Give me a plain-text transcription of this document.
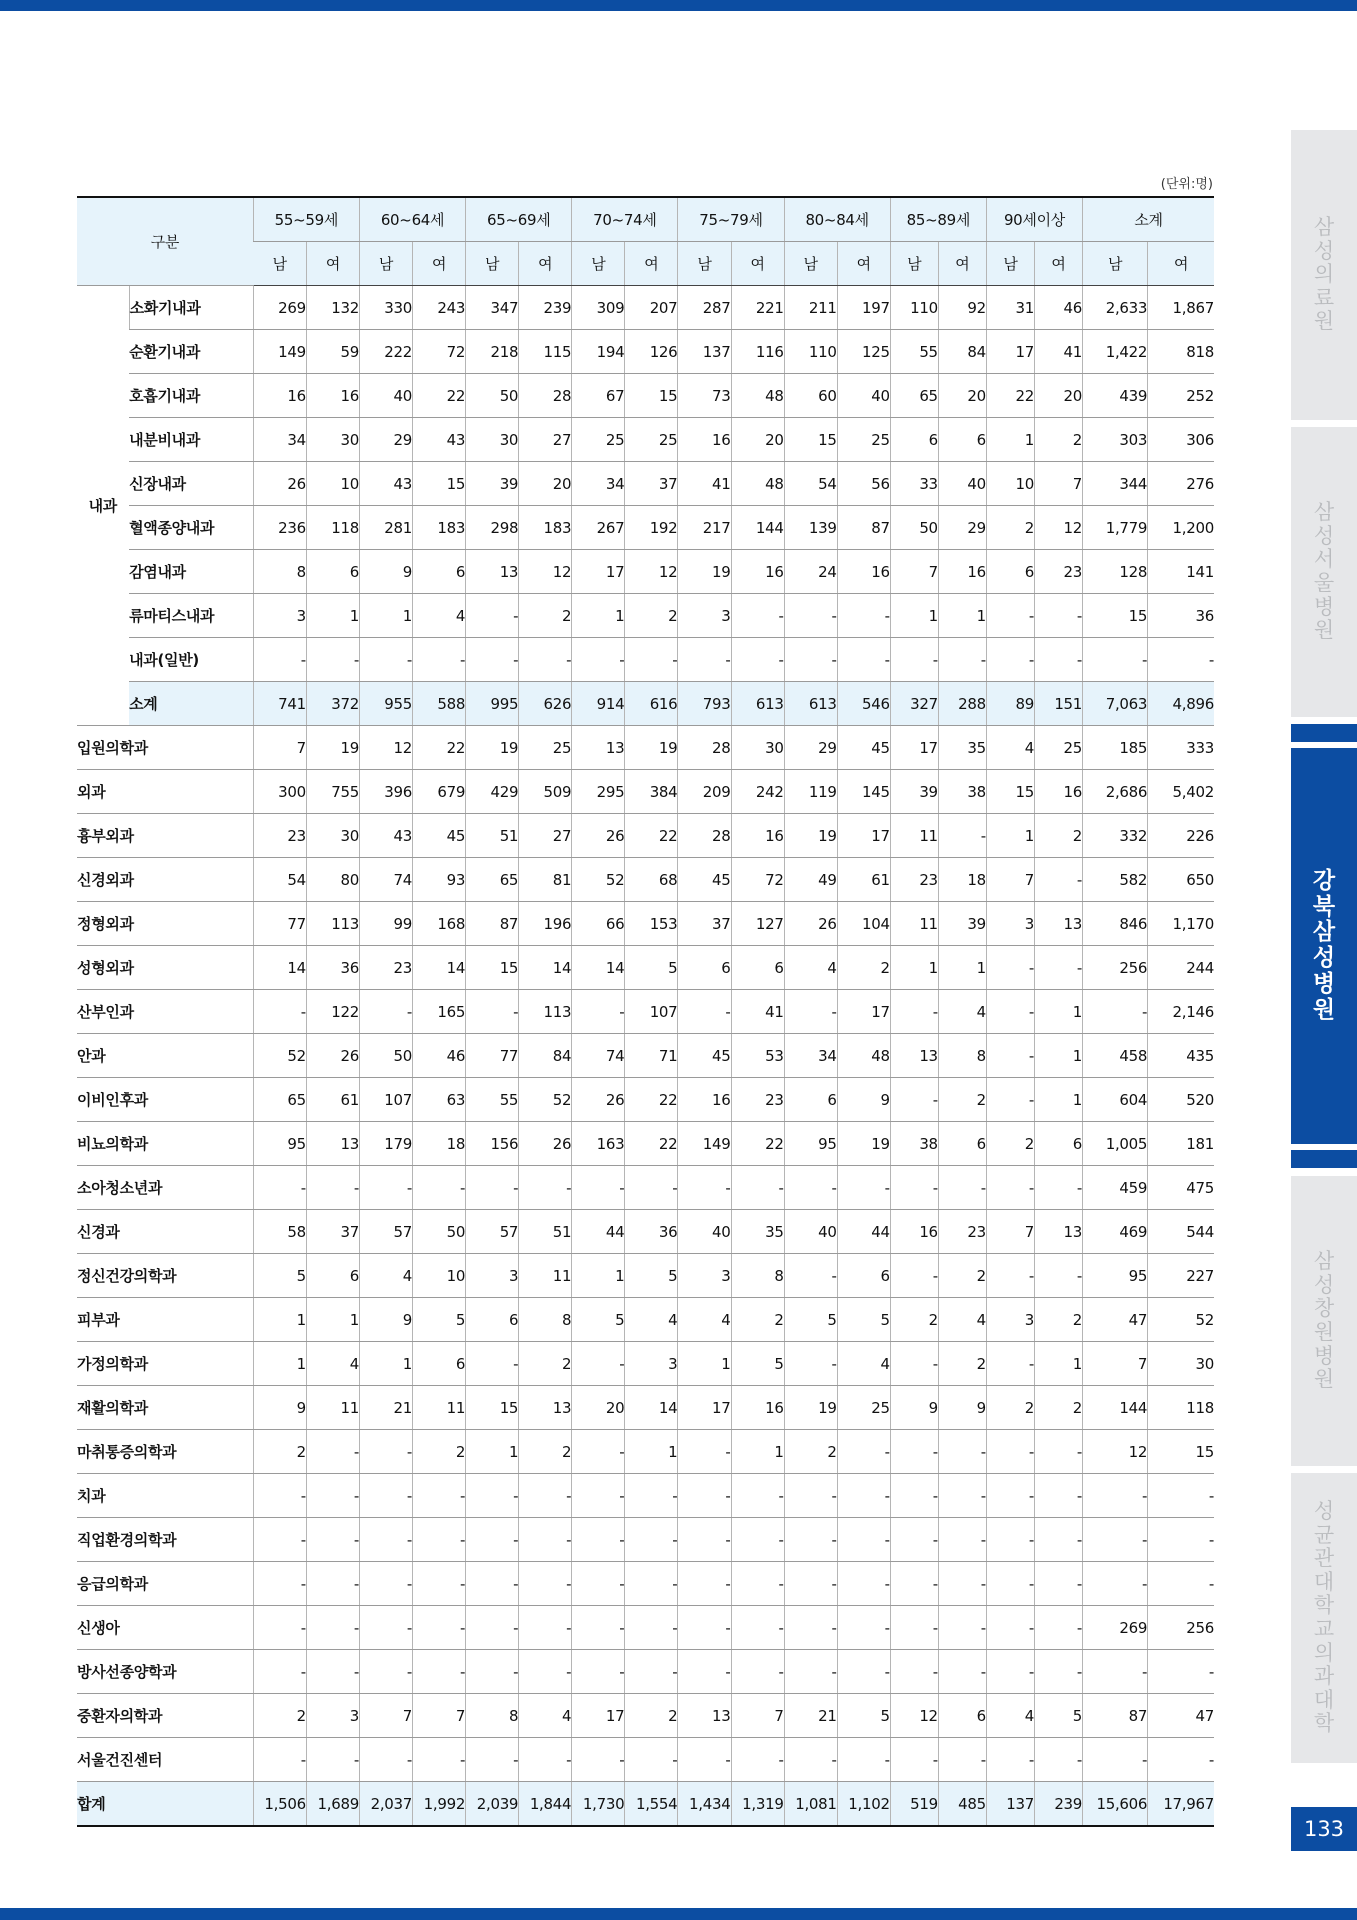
(단위:명)
구분		55~59세		60~64세		65~69세		70~74세		75~79세		80~84세		85~89세		90세이상		소계	
		남	여	남	여	남	여	남	여	남	여	남	여	남	여	남	여	남	여
내과	소화기내과	269	132	330	243	347	239	309	207	287	221	211	197	110	92	31	46	2,633	1,867
	순환기내과	149	59	222	72	218	115	194	126	137	116	110	125	55	84	17	41	1,422	818
	호흡기내과	16	16	40	22	50	28	67	15	73	48	60	40	65	20	22	20	439	252
	내분비내과	34	30	29	43	30	27	25	25	16	20	15	25	6	6	1	2	303	306
	신장내과	26	10	43	15	39	20	34	37	41	48	54	56	33	40	10	7	344	276
	혈액종양내과	236	118	281	183	298	183	267	192	217	144	139	87	50	29	2	12	1,779	1,200
	감염내과	8	6	9	6	13	12	17	12	19	16	24	16	7	16	6	23	128	141
	류마티스내과	3	1	1	4	-	2	1	2	3	-	-	-	1	1	-	-	15	36
	내과(일반)	-	-	-	-	-	-	-	-	-	-	-	-	-	-	-	-	-	-
	소계	741	372	955	588	995	626	914	616	793	613	613	546	327	288	89	151	7,063	4,896
입원의학과		7	19	12	22	19	25	13	19	28	30	29	45	17	35	4	25	185	333
외과		300	755	396	679	429	509	295	384	209	242	119	145	39	38	15	16	2,686	5,402
흉부외과		23	30	43	45	51	27	26	22	28	16	19	17	11	-	1	2	332	226
신경외과		54	80	74	93	65	81	52	68	45	72	49	61	23	18	7	-	582	650
정형외과		77	113	99	168	87	196	66	153	37	127	26	104	11	39	3	13	846	1,170
성형외과		14	36	23	14	15	14	14	5	6	6	4	2	1	1	-	-	256	244
산부인과		-	122	-	165	-	113	-	107	-	41	-	17	-	4	-	1	-	2,146
안과		52	26	50	46	77	84	74	71	45	53	34	48	13	8	-	1	458	435
이비인후과		65	61	107	63	55	52	26	22	16	23	6	9	-	2	-	1	604	520
비뇨의학과		95	13	179	18	156	26	163	22	149	22	95	19	38	6	2	6	1,005	181
소아청소년과		-	-	-	-	-	-	-	-	-	-	-	-	-	-	-	-	459	475
신경과		58	37	57	50	57	51	44	36	40	35	40	44	16	23	7	13	469	544
정신건강의학과		5	6	4	10	3	11	1	5	3	8	-	6	-	2	-	-	95	227
피부과		1	1	9	5	6	8	5	4	4	2	5	5	2	4	3	2	47	52
가정의학과		1	4	1	6	-	2	-	3	1	5	-	4	-	2	-	1	7	30
재활의학과		9	11	21	11	15	13	20	14	17	16	19	25	9	9	2	2	144	118
마취통증의학과		2	-	-	2	1	2	-	1	-	1	2	-	-	-	-	-	12	15
치과		-	-	-	-	-	-	-	-	-	-	-	-	-	-	-	-	-	-
직업환경의학과		-	-	-	-	-	-	-	-	-	-	-	-	-	-	-	-	-	-
응급의학과		-	-	-	-	-	-	-	-	-	-	-	-	-	-	-	-	-	-
신생아		-	-	-	-	-	-	-	-	-	-	-	-	-	-	-	-	269	256
방사선종양학과		-	-	-	-	-	-	-	-	-	-	-	-	-	-	-	-	-	-
중환자의학과		2	3	7	7	8	4	17	2	13	7	21	5	12	6	4	5	87	47
서울건진센터		-	-	-	-	-	-	-	-	-	-	-	-	-	-	-	-	-	-
합계		1,506	1,689	2,037	1,992	2,039	1,844	1,730	1,554	1,434	1,319	1,081	1,102	519	485	137	239	15,606	17,967
삼
성
의
료
원
삼
성
서
울
병
원
강
북
삼
성
병
원
삼
성
창
원
병
원
성
균
관
대
학
교
의
과
대
학
133
